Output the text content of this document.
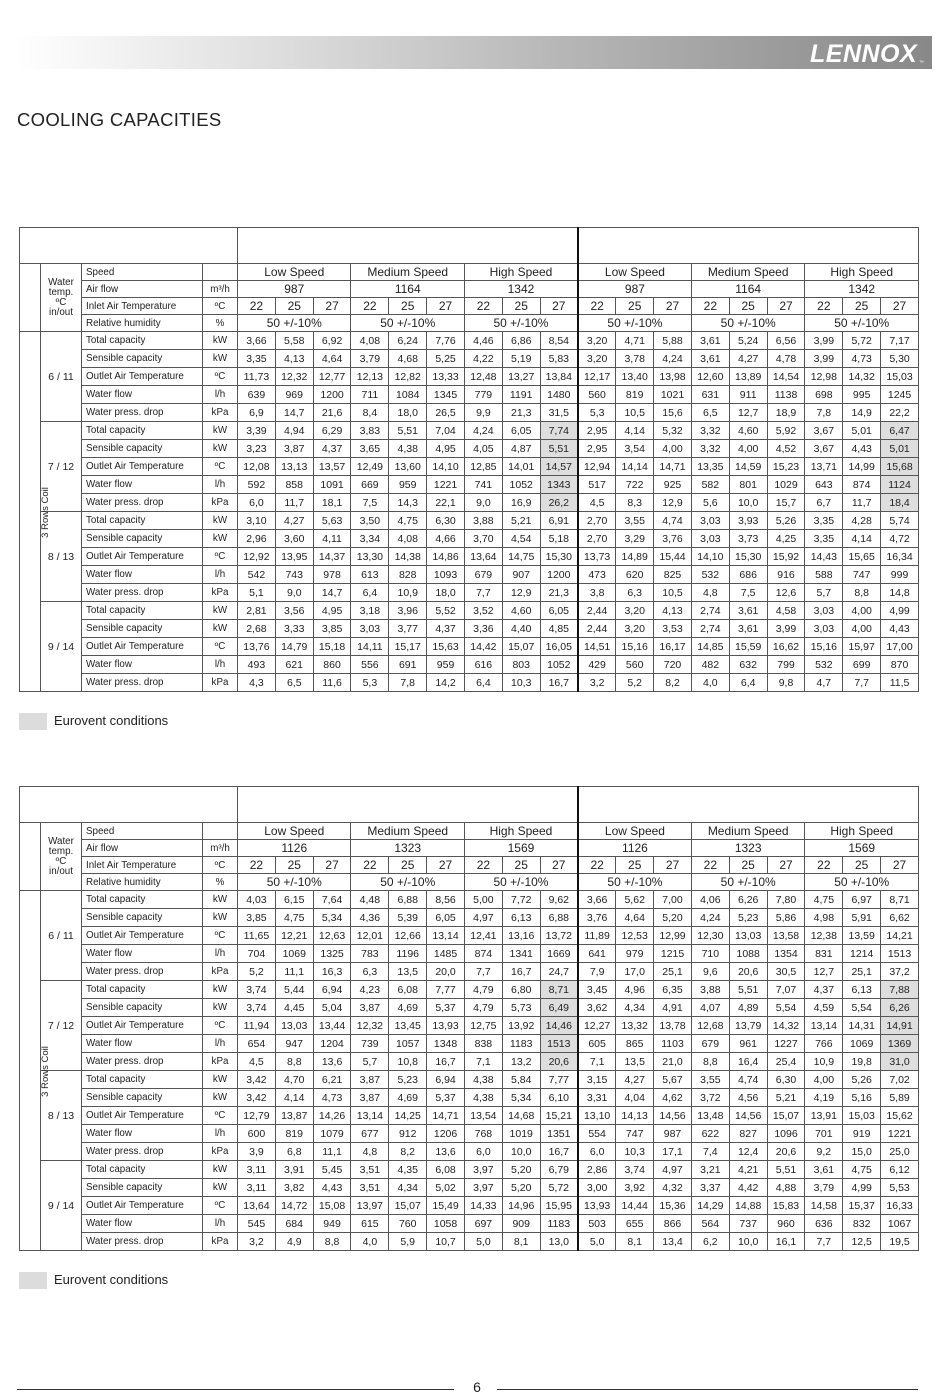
LENNOX ™
COOLING CAPACITIES

	Water
temp.
ºC
in/out	Speed		Low Speed			Medium Speed			High Speed			Low Speed			Medium Speed			High Speed		
		Air flow	m³/h	987			1164			1342			987			1164			1342		
		Inlet Air Temperature	ºC	22	25	27	22	25	27	22	25	27	22	25	27	22	25	27	22	25	27
		Relative humidity	%	50 +/-10%			50 +/-10%			50 +/-10%			50 +/-10%			50 +/-10%			50 +/-10%		
3 Rows Coil	6 / 11	Total capacity	kW	3,66	5,58	6,92	4,08	6,24	7,76	4,46	6,86	8,54	3,20	4,71	5,88	3,61	5,24	6,56	3,99	5,72	7,17
		Sensible capacity	kW	3,35	4,13	4,64	3,79	4,68	5,25	4,22	5,19	5,83	3,20	3,78	4,24	3,61	4,27	4,78	3,99	4,73	5,30
		Outlet Air Temperature	ºC	11,73	12,32	12,77	12,13	12,82	13,33	12,48	13,27	13,84	12,17	13,40	13,98	12,60	13,89	14,54	12,98	14,32	15,03
		Water flow	l/h	639	969	1200	711	1084	1345	779	1191	1480	560	819	1021	631	911	1138	698	995	1245
		Water press. drop	kPa	6,9	14,7	21,6	8,4	18,0	26,5	9,9	21,3	31,5	5,3	10,5	15,6	6,5	12,7	18,9	7,8	14,9	22,2
	7 / 12	Total capacity	kW	3,39	4,94	6,29	3,83	5,51	7,04	4,24	6,05	7,74	2,95	4,14	5,32	3,32	4,60	5,92	3,67	5,01	6,47
		Sensible capacity	kW	3,23	3,87	4,37	3,65	4,38	4,95	4,05	4,87	5,51	2,95	3,54	4,00	3,32	4,00	4,52	3,67	4,43	5,01
		Outlet Air Temperature	ºC	12,08	13,13	13,57	12,49	13,60	14,10	12,85	14,01	14,57	12,94	14,14	14,71	13,35	14,59	15,23	13,71	14,99	15,68
		Water flow	l/h	592	858	1091	669	959	1221	741	1052	1343	517	722	925	582	801	1029	643	874	1124
		Water press. drop	kPa	6,0	11,7	18,1	7,5	14,3	22,1	9,0	16,9	26,2	4,5	8,3	12,9	5,6	10,0	15,7	6,7	11,7	18,4
	8 / 13	Total capacity	kW	3,10	4,27	5,63	3,50	4,75	6,30	3,88	5,21	6,91	2,70	3,55	4,74	3,03	3,93	5,26	3,35	4,28	5,74
		Sensible capacity	kW	2,96	3,60	4,11	3,34	4,08	4,66	3,70	4,54	5,18	2,70	3,29	3,76	3,03	3,73	4,25	3,35	4,14	4,72
		Outlet Air Temperature	ºC	12,92	13,95	14,37	13,30	14,38	14,86	13,64	14,75	15,30	13,73	14,89	15,44	14,10	15,30	15,92	14,43	15,65	16,34
		Water flow	l/h	542	743	978	613	828	1093	679	907	1200	473	620	825	532	686	916	588	747	999
		Water press. drop	kPa	5,1	9,0	14,7	6,4	10,9	18,0	7,7	12,9	21,3	3,8	6,3	10,5	4,8	7,5	12,6	5,7	8,8	14,8
	9 / 14	Total capacity	kW	2,81	3,56	4,95	3,18	3,96	5,52	3,52	4,60	6,05	2,44	3,20	4,13	2,74	3,61	4,58	3,03	4,00	4,99
		Sensible capacity	kW	2,68	3,33	3,85	3,03	3,77	4,37	3,36	4,40	4,85	2,44	3,20	3,53	2,74	3,61	3,99	3,03	4,00	4,43
		Outlet Air Temperature	ºC	13,76	14,79	15,18	14,11	15,17	15,63	14,42	15,07	16,05	14,51	15,16	16,17	14,85	15,59	16,62	15,16	15,97	17,00
		Water flow	l/h	493	621	860	556	691	959	616	803	1052	429	560	720	482	632	799	532	699	870
		Water press. drop	kPa	4,3	6,5	11,6	5,3	7,8	14,2	6,4	10,3	16,7	3,2	5,2	8,2	4,0	6,4	9,8	4,7	7,7	11,5
Eurovent conditions

	Water
temp.
ºC
in/out	Speed		Low Speed			Medium Speed			High Speed			Low Speed			Medium Speed			High Speed		
		Air flow	m³/h	1126			1323			1569			1126			1323			1569		
		Inlet Air Temperature	ºC	22	25	27	22	25	27	22	25	27	22	25	27	22	25	27	22	25	27
		Relative humidity	%	50 +/-10%			50 +/-10%			50 +/-10%			50 +/-10%			50 +/-10%			50 +/-10%		
3 Rows Coil	6 / 11	Total capacity	kW	4,03	6,15	7,64	4,48	6,88	8,56	5,00	7,72	9,62	3,66	5,62	7,00	4,06	6,26	7,80	4,75	6,97	8,71
		Sensible capacity	kW	3,85	4,75	5,34	4,36	5,39	6,05	4,97	6,13	6,88	3,76	4,64	5,20	4,24	5,23	5,86	4,98	5,91	6,62
		Outlet Air Temperature	ºC	11,65	12,21	12,63	12,01	12,66	13,14	12,41	13,16	13,72	11,89	12,53	12,99	12,30	13,03	13,58	12,38	13,59	14,21
		Water flow	l/h	704	1069	1325	783	1196	1485	874	1341	1669	641	979	1215	710	1088	1354	831	1214	1513
		Water press. drop	kPa	5,2	11,1	16,3	6,3	13,5	20,0	7,7	16,7	24,7	7,9	17,0	25,1	9,6	20,6	30,5	12,7	25,1	37,2
	7 / 12	Total capacity	kW	3,74	5,44	6,94	4,23	6,08	7,77	4,79	6,80	8,71	3,45	4,96	6,35	3,88	5,51	7,07	4,37	6,13	7,88
		Sensible capacity	kW	3,74	4,45	5,04	3,87	4,69	5,37	4,79	5,73	6,49	3,62	4,34	4,91	4,07	4,89	5,54	4,59	5,54	6,26
		Outlet Air Temperature	ºC	11,94	13,03	13,44	12,32	13,45	13,93	12,75	13,92	14,46	12,27	13,32	13,78	12,68	13,79	14,32	13,14	14,31	14,91
		Water flow	l/h	654	947	1204	739	1057	1348	838	1183	1513	605	865	1103	679	961	1227	766	1069	1369
		Water press. drop	kPa	4,5	8,8	13,6	5,7	10,8	16,7	7,1	13,2	20,6	7,1	13,5	21,0	8,8	16,4	25,4	10,9	19,8	31,0
	8 / 13	Total capacity	kW	3,42	4,70	6,21	3,87	5,23	6,94	4,38	5,84	7,77	3,15	4,27	5,67	3,55	4,74	6,30	4,00	5,26	7,02
		Sensible capacity	kW	3,42	4,14	4,73	3,87	4,69	5,37	4,38	5,34	6,10	3,31	4,04	4,62	3,72	4,56	5,21	4,19	5,16	5,89
		Outlet Air Temperature	ºC	12,79	13,87	14,26	13,14	14,25	14,71	13,54	14,68	15,21	13,10	14,13	14,56	13,48	14,56	15,07	13,91	15,03	15,62
		Water flow	l/h	600	819	1079	677	912	1206	768	1019	1351	554	747	987	622	827	1096	701	919	1221
		Water press. drop	kPa	3,9	6,8	11,1	4,8	8,2	13,6	6,0	10,0	16,7	6,0	10,3	17,1	7,4	12,4	20,6	9,2	15,0	25,0
	9 / 14	Total capacity	kW	3,11	3,91	5,45	3,51	4,35	6,08	3,97	5,20	6,79	2,86	3,74	4,97	3,21	4,21	5,51	3,61	4,75	6,12
		Sensible capacity	kW	3,11	3,82	4,43	3,51	4,34	5,02	3,97	5,20	5,72	3,00	3,92	4,32	3,37	4,42	4,88	3,79	4,99	5,53
		Outlet Air Temperature	ºC	13,64	14,72	15,08	13,97	15,07	15,49	14,33	14,96	15,95	13,93	14,44	15,36	14,29	14,88	15,83	14,58	15,37	16,33
		Water flow	l/h	545	684	949	615	760	1058	697	909	1183	503	655	866	564	737	960	636	832	1067
		Water press. drop	kPa	3,2	4,9	8,8	4,0	5,9	10,7	5,0	8,1	13,0	5,0	8,1	13,4	6,2	10,0	16,1	7,7	12,5	19,5
Eurovent conditions
6
